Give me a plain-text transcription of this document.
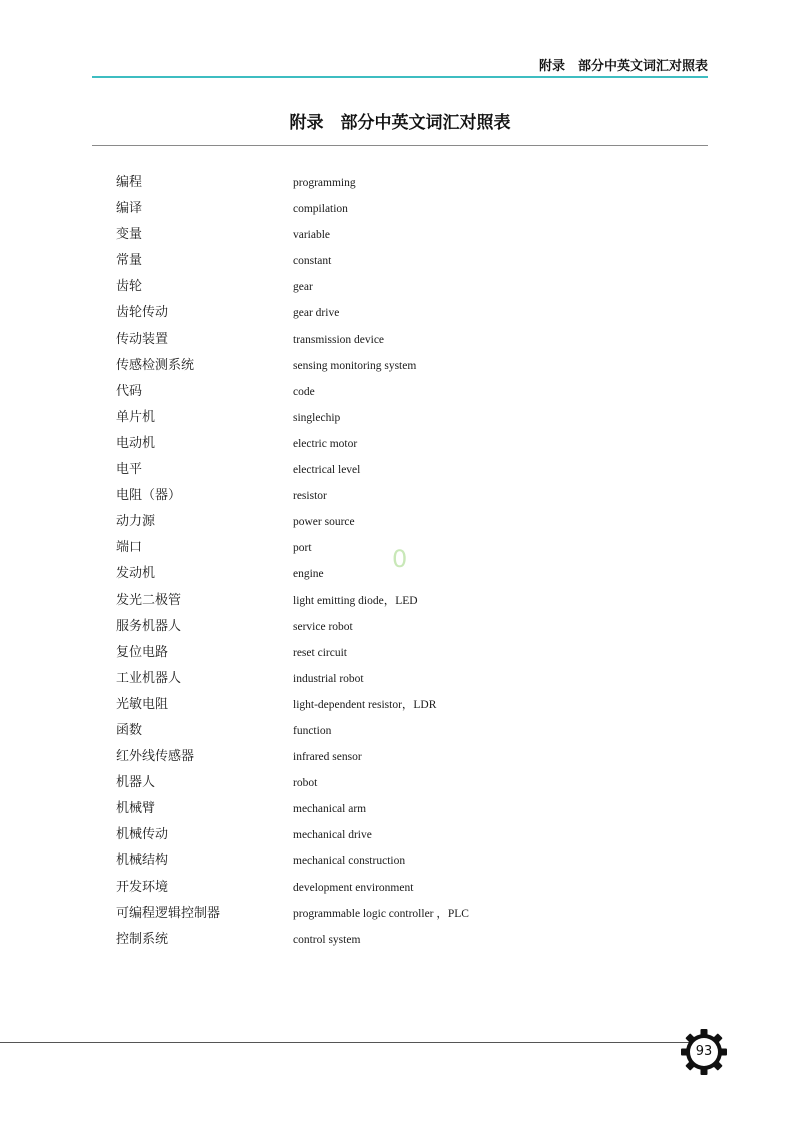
附录　部分中英文词汇对照表
附录　部分中英文词汇对照表
编程	programming
编译	compilation
变量	variable
常量	constant
齿轮	gear
齿轮传动	gear drive
传动装置	transmission device
传感检测系统	sensing monitoring system
代码	code
单片机	singlechip
电动机	electric motor
电平	electrical level
电阻（器）	resistor
动力源	power source
端口	port
发动机	engine
发光二极管	light emitting diode，LED
服务机器人	service robot
复位电路	reset circuit
工业机器人	industrial robot
光敏电阻	light-dependent resistor，LDR
函数	function
红外线传感器	infrared sensor
机器人	robot
机械臂	mechanical arm
机械传动	mechanical drive
机械结构	mechanical construction
开发环境	development environment
可编程逻辑控制器	programmable logic controller ，PLC
控制系统	control system
0
93
